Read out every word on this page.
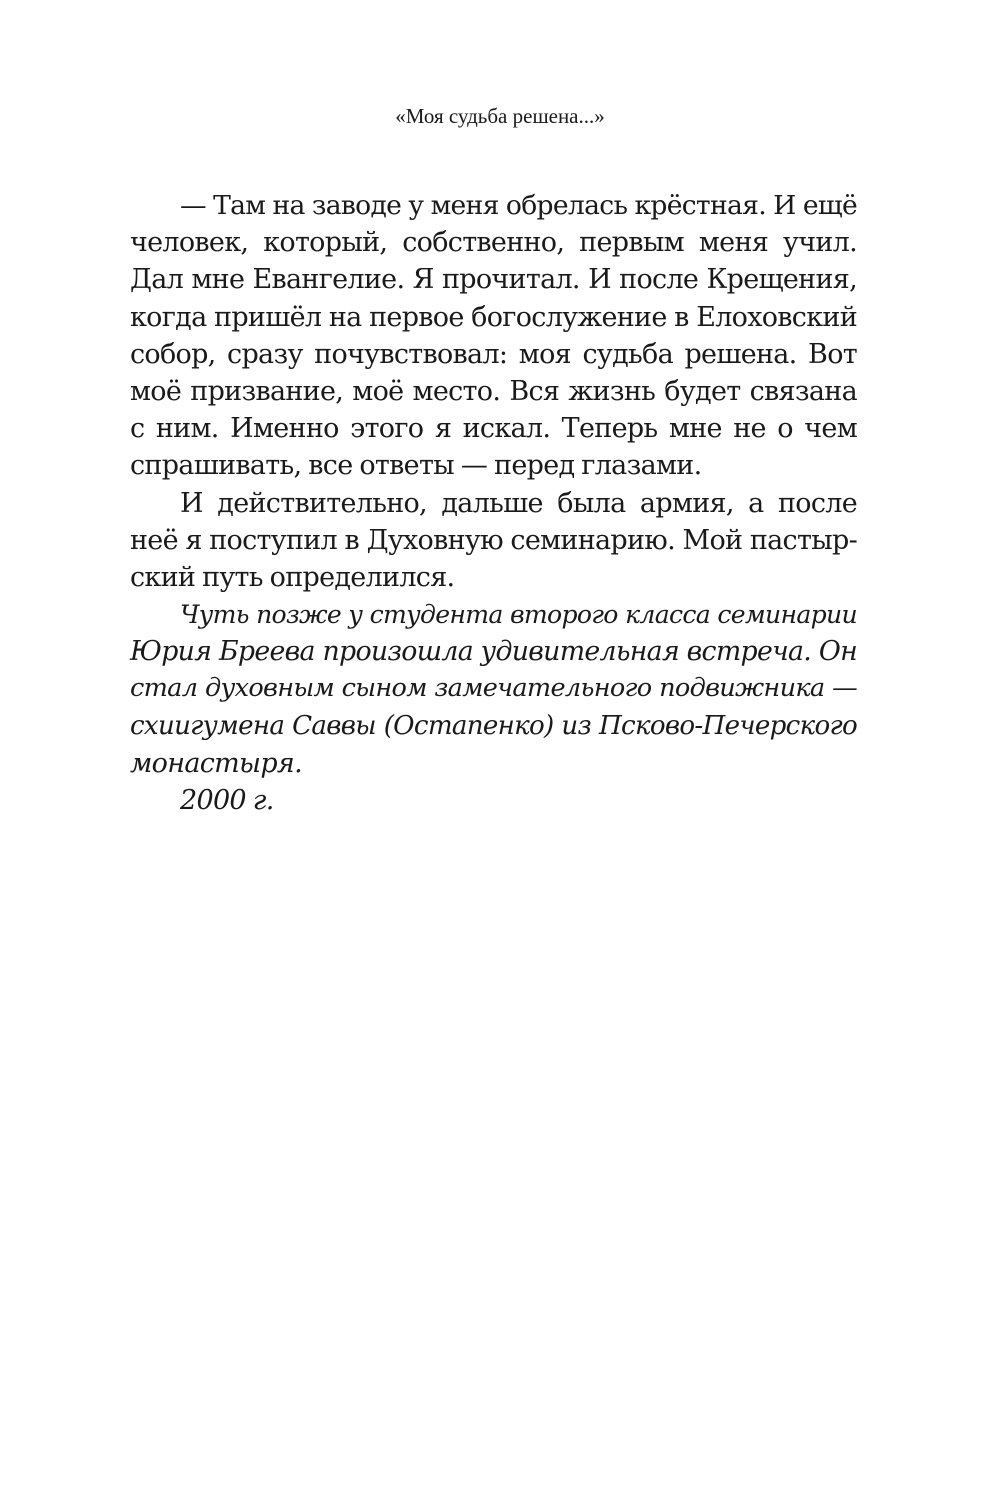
«Моя судьба решена...»
— Там на заводе у меня обрелась крёстная. И ещё
человек, который, собственно, первым меня учил.
Дал мне Евангелие. Я прочитал. И после Крещения,
когда пришёл на первое богослужение в Елоховский
собор, сразу почувствовал: моя судьба решена. Вот
моё призвание, моё место. Вся жизнь будет связана
с ним. Именно этого я искал. Теперь мне не о чем
спрашивать, все ответы — перед глазами.
И действительно, дальше была армия, а после
неё я поступил в Духовную семинарию. Мой пастыр-
ский путь определился.
Чуть позже у студента второго класса семинарии
Юрия Бреева произошла удивительная встреча. Он
стал духовным сыном замечательного подвижника —
схиигумена Саввы (Остапенко) из Псково-Печерского
монастыря.
2000 г.
